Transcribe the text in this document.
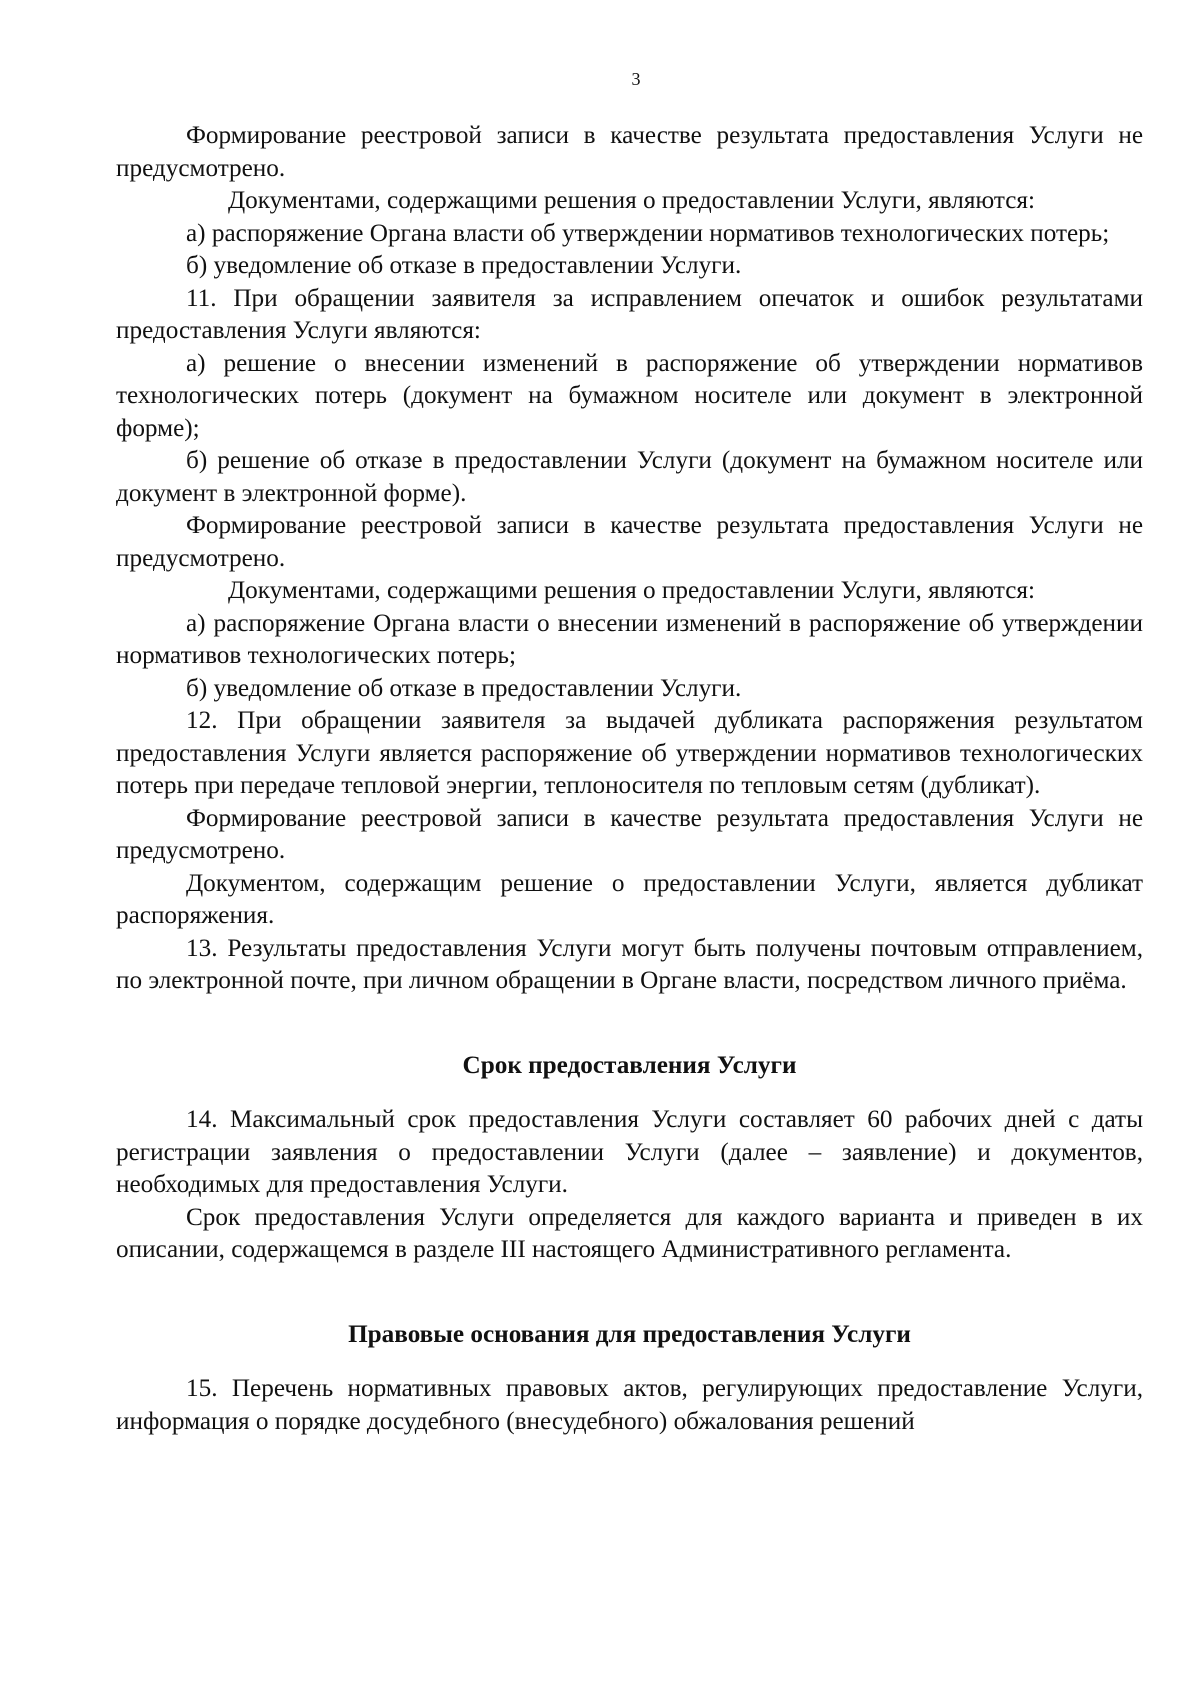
3

Формирование реестровой записи в качестве результата предоставления Услуги не предусмотрено.

Документами, содержащими решения о предоставлении Услуги, являются:

а) распоряжение Органа власти об утверждении нормативов технологических потерь;

б) уведомление об отказе в предоставлении Услуги.

11. При обращении заявителя за исправлением опечаток и ошибок результатами предоставления Услуги являются:

а) решение о внесении изменений в распоряжение об утверждении нормативов технологических потерь (документ на бумажном носителе или документ в электронной форме);

б) решение об отказе в предоставлении Услуги (документ на бумажном носителе или документ в электронной форме).

Формирование реестровой записи в качестве результата предоставления Услуги не предусмотрено.

Документами, содержащими решения о предоставлении Услуги, являются:

а) распоряжение Органа власти о внесении изменений в распоряжение об утверждении нормативов технологических потерь;

б) уведомление об отказе в предоставлении Услуги.

12. При обращении заявителя за выдачей дубликата распоряжения результатом предоставления Услуги является распоряжение об утверждении нормативов технологических потерь при передаче тепловой энергии, теплоносителя по тепловым сетям (дубликат).

Формирование реестровой записи в качестве результата предоставления Услуги не предусмотрено.

Документом, содержащим решение о предоставлении Услуги, является дубликат распоряжения.

13. Результаты предоставления Услуги могут быть получены почтовым отправлением, по электронной почте, при личном обращении в Органе власти, посредством личного приёма.

Срок предоставления Услуги

14. Максимальный срок предоставления Услуги составляет 60 рабочих дней с даты регистрации заявления о предоставлении Услуги (далее – заявление) и документов, необходимых для предоставления Услуги.

Срок предоставления Услуги определяется для каждого варианта и приведен в их описании, содержащемся в разделе III настоящего Административного регламента.

Правовые основания для предоставления Услуги

15. Перечень нормативных правовых актов, регулирующих предоставление Услуги, информация о порядке досудебного (внесудебного) обжалования решений
